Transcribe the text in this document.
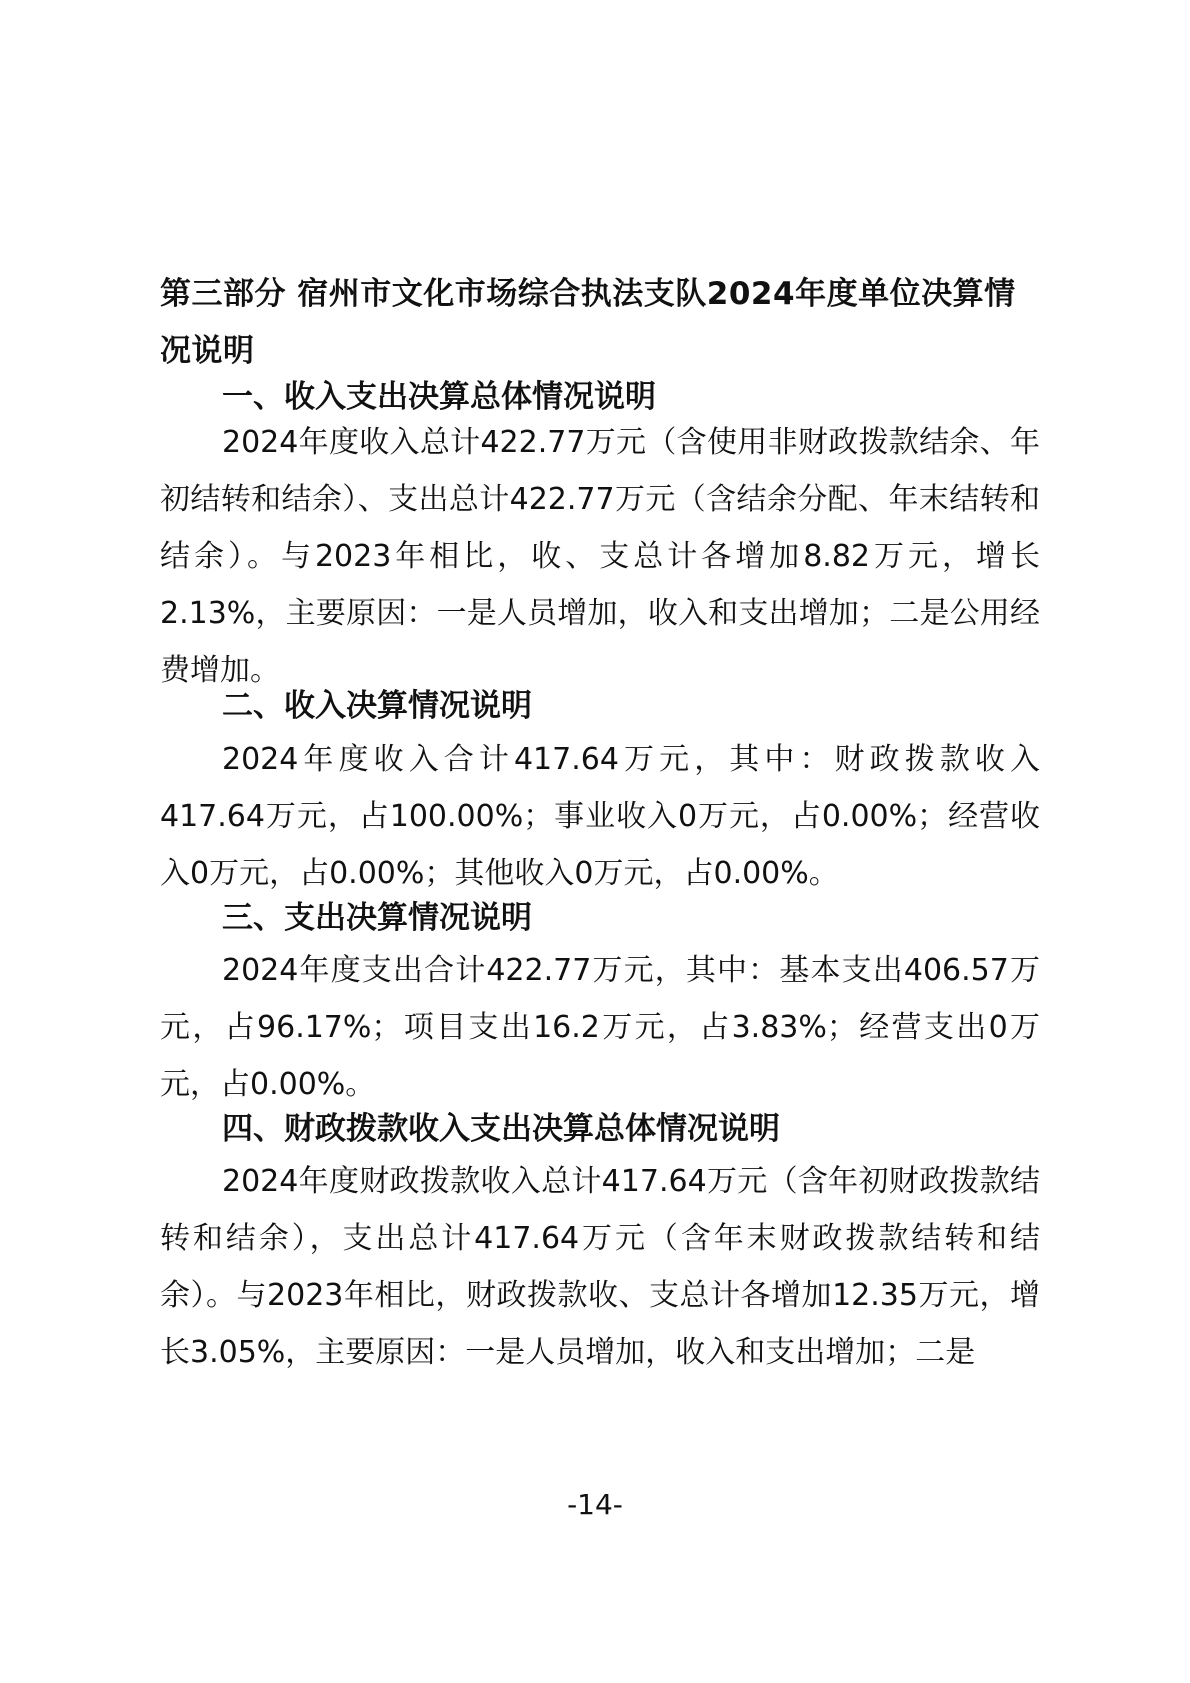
第三部分 宿州市文化市场综合执法支队2024年度单位决算情况说明
一、收入支出决算总体情况说明
2024年度收入总计422.77万元（含使用非财政拨款结余、年初结转和结余）、支出总计422.77万元（含结余分配、年末结转和结余）。与2023年相比，收、支总计各增加8.82万元，增长2.13%，主要原因：一是人员增加，收入和支出增加；二是公用经费增加。
二、收入决算情况说明
2024年度收入合计417.64万元，其中：财政拨款收入417.64万元，占100.00%；事业收入0万元，占0.00%；经营收入0万元，占0.00%；其他收入0万元，占0.00%。
三、支出决算情况说明
2024年度支出合计422.77万元，其中：基本支出406.57万元，占96.17%；项目支出16.2万元，占3.83%；经营支出0万元，占0.00%。
四、财政拨款收入支出决算总体情况说明
2024年度财政拨款收入总计417.64万元（含年初财政拨款结转和结余），支出总计417.64万元（含年末财政拨款结转和结余）。与2023年相比，财政拨款收、支总计各增加12.35万元，增长3.05%，主要原因：一是人员增加，收入和支出增加；二是
-14-
